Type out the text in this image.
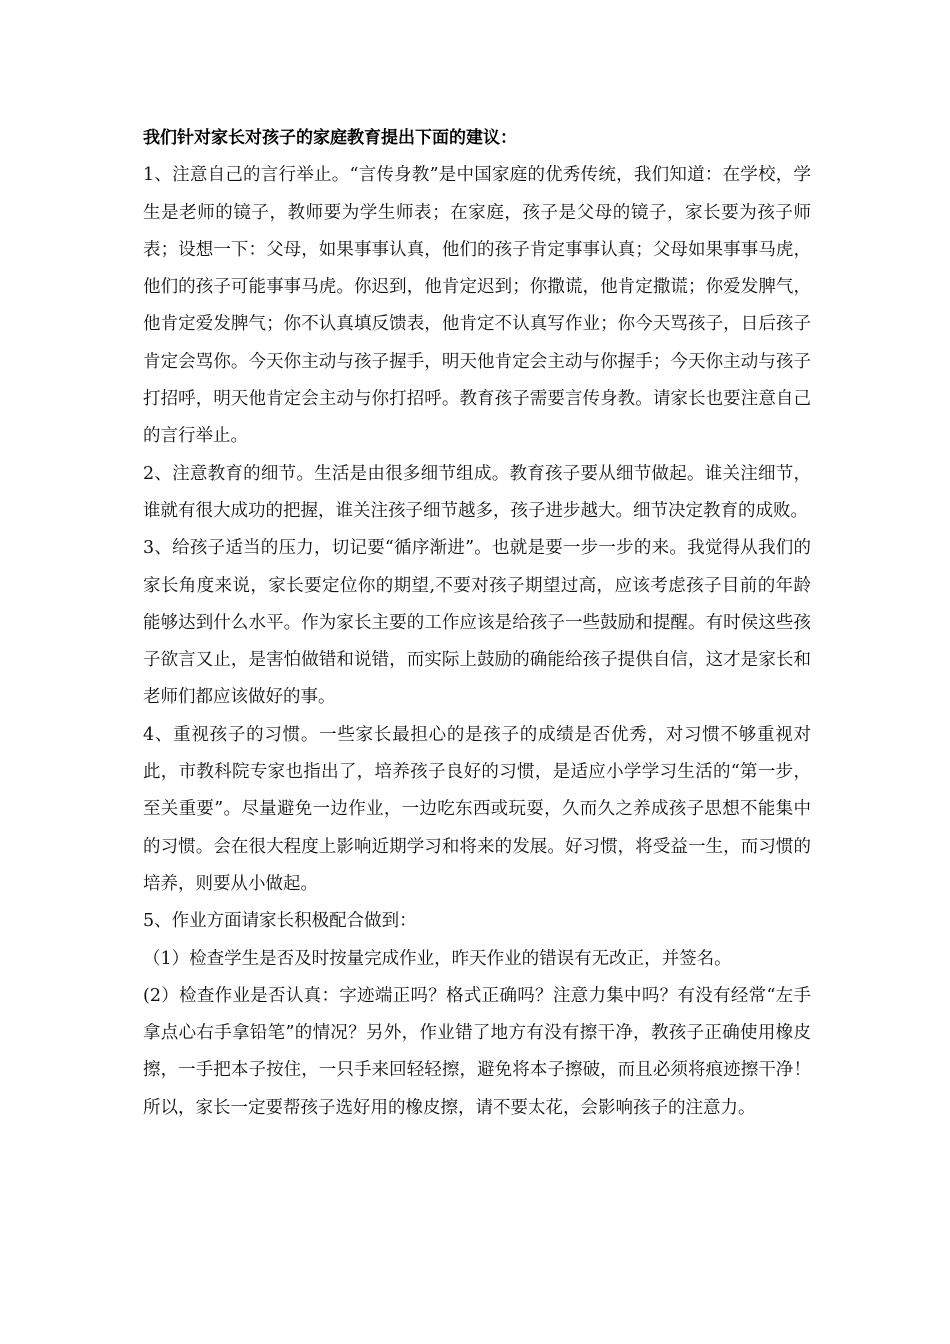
我们针对家长对孩子的家庭教育提出下面的建议：

1、注意自己的言行举止。“言传身教”是中国家庭的优秀传统，我们知道：在学校，学生是老师的镜子，教师要为学生师表；在家庭，孩子是父母的镜子，家长要为孩子师表；设想一下：父母，如果事事认真，他们的孩子肯定事事认真；父母如果事事马虎，他们的孩子可能事事马虎。你迟到，他肯定迟到；你撒谎，他肯定撒谎；你爱发脾气，他肯定爱发脾气；你不认真填反馈表，他肯定不认真写作业；你今天骂孩子，日后孩子肯定会骂你。今天你主动与孩子握手，明天他肯定会主动与你握手；今天你主动与孩子打招呼，明天他肯定会主动与你打招呼。教育孩子需要言传身教。请家长也要注意自己的言行举止。

2、注意教育的细节。生活是由很多细节组成。教育孩子要从细节做起。谁关注细节，谁就有很大成功的把握，谁关注孩子细节越多，孩子进步越大。细节决定教育的成败。

3、给孩子适当的压力，切记要“循序渐进”。也就是要一步一步的来。我觉得从我们的家长角度来说，家长要定位你的期望,不要对孩子期望过高，应该考虑孩子目前的年龄能够达到什么水平。作为家长主要的工作应该是给孩子一些鼓励和提醒。有时侯这些孩子欲言又止，是害怕做错和说错，而实际上鼓励的确能给孩子提供自信，这才是家长和老师们都应该做好的事。

4、重视孩子的习惯。一些家长最担心的是孩子的成绩是否优秀，对习惯不够重视对此，市教科院专家也指出了，培养孩子良好的习惯，是适应小学学习生活的“第一步，至关重要”。尽量避免一边作业，一边吃东西或玩耍，久而久之养成孩子思想不能集中的习惯。会在很大程度上影响近期学习和将来的发展。好习惯，将受益一生，而习惯的培养，则要从小做起。

5、作业方面请家长积极配合做到：

（1）检查学生是否及时按量完成作业，昨天作业的错误有无改正，并签名。

(2）检查作业是否认真：字迹端正吗？格式正确吗？注意力集中吗？有没有经常“左手拿点心右手拿铅笔”的情况？另外，作业错了地方有没有擦干净，教孩子正确使用橡皮擦，一手把本子按住，一只手来回轻轻擦，避免将本子擦破，而且必须将痕迹擦干净！所以，家长一定要帮孩子选好用的橡皮擦，请不要太花，会影响孩子的注意力。
